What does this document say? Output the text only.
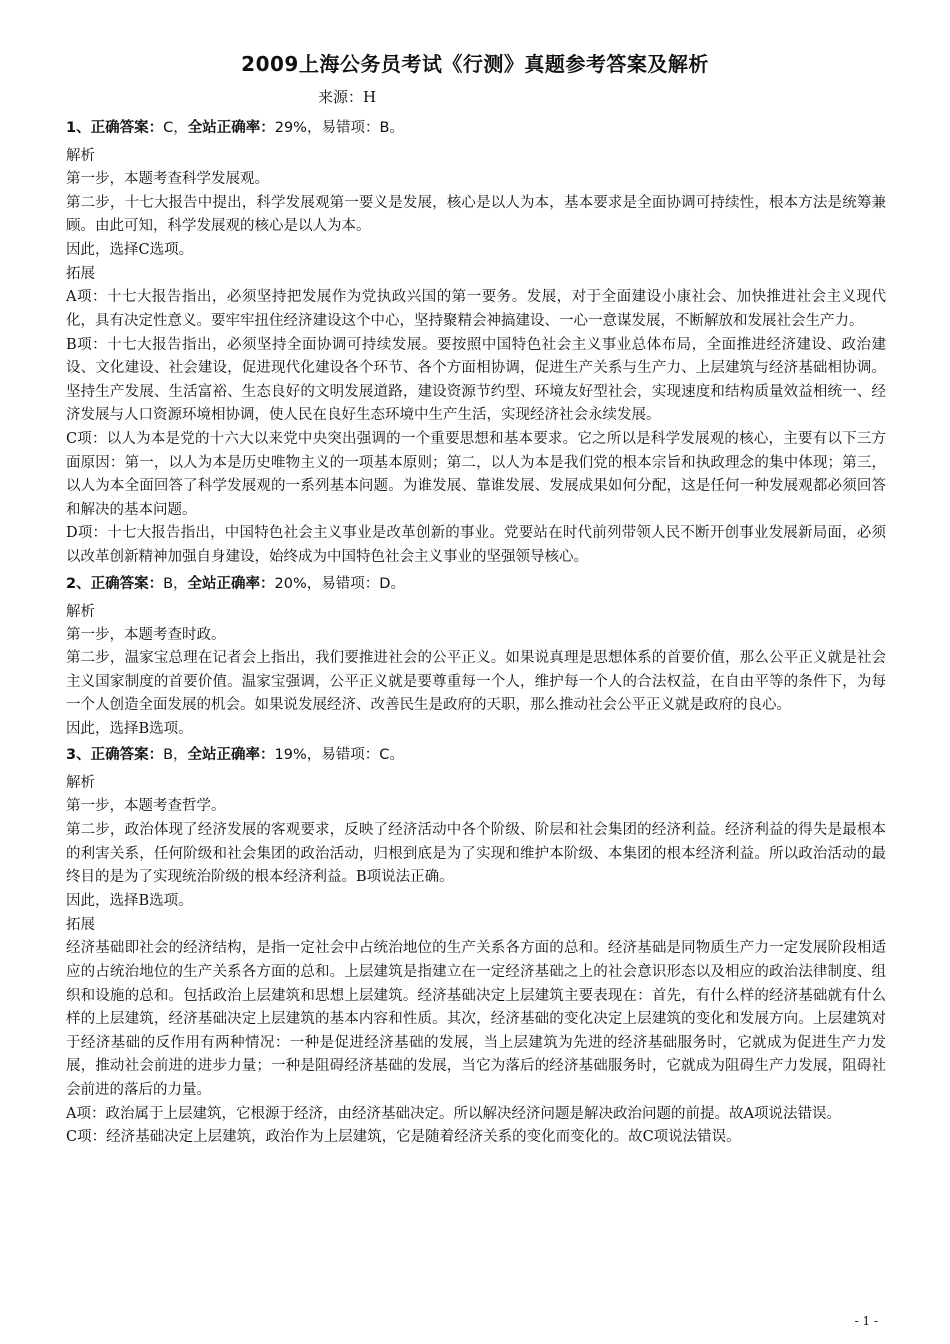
2009上海公务员考试《行测》真题参考答案及解析
来源：H
1、正确答案：C，全站正确率：29%，易错项：B。
解析
第一步，本题考查科学发展观。
第二步，十七大报告中提出，科学发展观第一要义是发展，核心是以人为本，基本要求是全面协调可持续性，根本方法是统筹兼顾。由此可知，科学发展观的核心是以人为本。
因此，选择C选项。
拓展
A项：十七大报告指出，必须坚持把发展作为党执政兴国的第一要务。发展，对于全面建设小康社会、加快推进社会主义现代化，具有决定性意义。要牢牢扭住经济建设这个中心，坚持聚精会神搞建设、一心一意谋发展，不断解放和发展社会生产力。
B项：十七大报告指出，必须坚持全面协调可持续发展。要按照中国特色社会主义事业总体布局，全面推进经济建设、政治建设、文化建设、社会建设，促进现代化建设各个环节、各个方面相协调，促进生产关系与生产力、上层建筑与经济基础相协调。坚持生产发展、生活富裕、生态良好的文明发展道路，建设资源节约型、环境友好型社会，实现速度和结构质量效益相统一、经济发展与人口资源环境相协调，使人民在良好生态环境中生产生活，实现经济社会永续发展。
C项：以人为本是党的十六大以来党中央突出强调的一个重要思想和基本要求。它之所以是科学发展观的核心，主要有以下三方面原因：第一，以人为本是历史唯物主义的一项基本原则；第二，以人为本是我们党的根本宗旨和执政理念的集中体现；第三，以人为本全面回答了科学发展观的一系列基本问题。为谁发展、靠谁发展、发展成果如何分配，这是任何一种发展观都必须回答和解决的基本问题。
D项：十七大报告指出，中国特色社会主义事业是改革创新的事业。党要站在时代前列带领人民不断开创事业发展新局面，必须以改革创新精神加强自身建设，始终成为中国特色社会主义事业的坚强领导核心。
2、正确答案：B，全站正确率：20%，易错项：D。
解析
第一步，本题考查时政。
第二步，温家宝总理在记者会上指出，我们要推进社会的公平正义。如果说真理是思想体系的首要价值，那么公平正义就是社会主义国家制度的首要价值。温家宝强调，公平正义就是要尊重每一个人，维护每一个人的合法权益，在自由平等的条件下，为每一个人创造全面发展的机会。如果说发展经济、改善民生是政府的天职，那么推动社会公平正义就是政府的良心。
因此，选择B选项。
3、正确答案：B，全站正确率：19%，易错项：C。
解析
第一步，本题考查哲学。
第二步，政治体现了经济发展的客观要求，反映了经济活动中各个阶级、阶层和社会集团的经济利益。经济利益的得失是最根本的利害关系，任何阶级和社会集团的政治活动，归根到底是为了实现和维护本阶级、本集团的根本经济利益。所以政治活动的最终目的是为了实现统治阶级的根本经济利益。B项说法正确。
因此，选择B选项。
拓展
经济基础即社会的经济结构，是指一定社会中占统治地位的生产关系各方面的总和。经济基础是同物质生产力一定发展阶段相适应的占统治地位的生产关系各方面的总和。上层建筑是指建立在一定经济基础之上的社会意识形态以及相应的政治法律制度、组织和设施的总和。包括政治上层建筑和思想上层建筑。经济基础决定上层建筑主要表现在：首先，有什么样的经济基础就有什么样的上层建筑，经济基础决定上层建筑的基本内容和性质。其次，经济基础的变化决定上层建筑的变化和发展方向。上层建筑对于经济基础的反作用有两种情况：一种是促进经济基础的发展，当上层建筑为先进的经济基础服务时，它就成为促进生产力发展，推动社会前进的进步力量；一种是阻碍经济基础的发展，当它为落后的经济基础服务时，它就成为阻碍生产力发展，阻碍社会前进的落后的力量。
A项：政治属于上层建筑，它根源于经济，由经济基础决定。所以解决经济问题是解决政治问题的前提。故A项说法错误。
C项：经济基础决定上层建筑，政治作为上层建筑，它是随着经济关系的变化而变化的。故C项说法错误。
- 1 -
